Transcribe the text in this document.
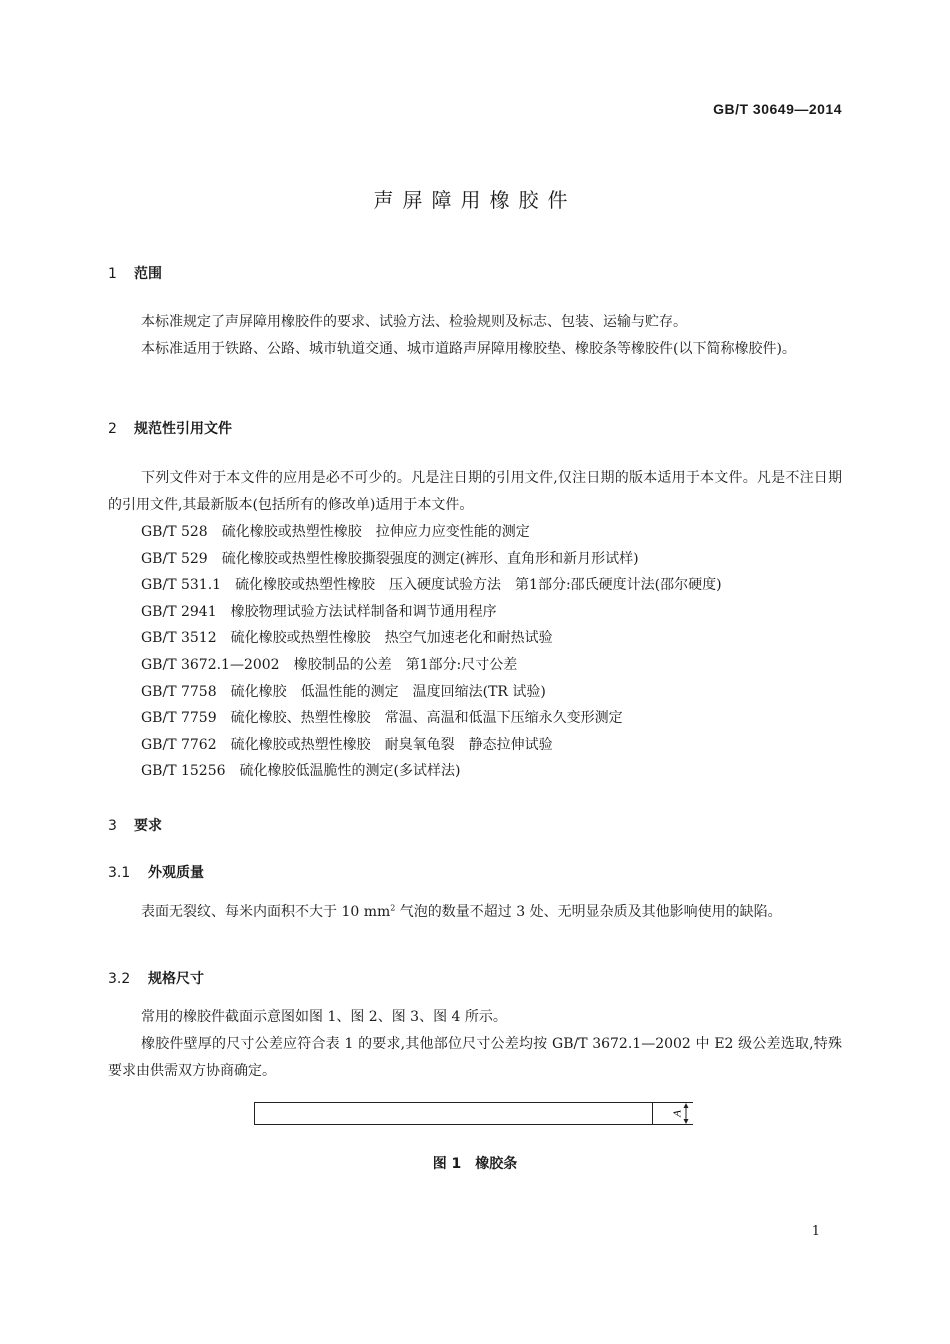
GB/T 30649—2014
声屏障用橡胶件
1 范围
本标准规定了声屏障用橡胶件的要求、试验方法、检验规则及标志、包装、运输与贮存。
本标准适用于铁路、公路、城市轨道交通、城市道路声屏障用橡胶垫、橡胶条等橡胶件(以下简称橡胶件)。
2 规范性引用文件
下列文件对于本文件的应用是必不可少的。凡是注日期的引用文件,仅注日期的版本适用于本文件。凡是不注日期的引用文件,其最新版本(包括所有的修改单)适用于本文件。
GB/T 528 硫化橡胶或热塑性橡胶　拉伸应力应变性能的测定
GB/T 529 硫化橡胶或热塑性橡胶撕裂强度的测定(裤形、直角形和新月形试样)
GB/T 531.1 硫化橡胶或热塑性橡胶　压入硬度试验方法　第1部分:邵氏硬度计法(邵尔硬度)
GB/T 2941 橡胶物理试验方法试样制备和调节通用程序
GB/T 3512 硫化橡胶或热塑性橡胶　热空气加速老化和耐热试验
GB/T 3672.1—2002 橡胶制品的公差　第1部分:尺寸公差
GB/T 7758 硫化橡胶　低温性能的测定　温度回缩法(TR 试验)
GB/T 7759 硫化橡胶、热塑性橡胶　常温、高温和低温下压缩永久变形测定
GB/T 7762 硫化橡胶或热塑性橡胶　耐臭氧龟裂　静态拉伸试验
GB/T 15256 硫化橡胶低温脆性的测定(多试样法)
3 要求
3.1 外观质量
表面无裂纹、每米内面积不大于 10 $mm^2$ 气泡的数量不超过 3 处、无明显杂质及其他影响使用的缺陷。
3.2 规格尺寸
常用的橡胶件截面示意图如图 1、图 2、图 3、图 4 所示。
橡胶件壁厚的尺寸公差应符合表 1 的要求,其他部位尺寸公差均按 GB/T 3672.1—2002 中 E2 级公差选取,特殊要求由供需双方协商确定。
A
图 1　橡胶条
1
